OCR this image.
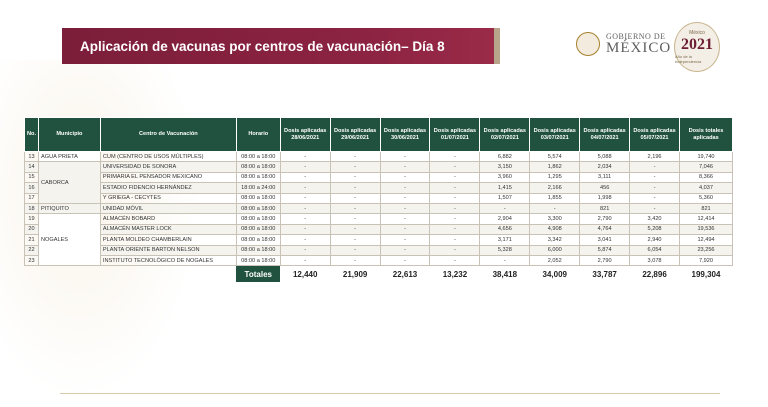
Aplicación de vacunas por centros de vacunación– Día 8
GOBIERNO DE
MÉXICO
México
2021
Año de la Independencia
No.	Municipio	Centro de Vacunación	Horario	Dosis aplicadas 28/06/2021	Dosis aplicadas 29/06/2021	Dosis aplicadas 30/06/2021	Dosis aplicadas 01/07/2021	Dosis aplicadas 02/07/2021	Dosis aplicadas 03/07/2021	Dosis aplicadas 04/07/2021	Dosis aplicadas 05/07/2021	Dosis totales aplicadas
13	AGUA PRIETA	CUM (CENTRO DE USOS MÚLTIPLES)	08:00 a 18:00	-	-	-	-	6,882	5,574	5,088	2,196	19,740
14	CABORCA	UNIVERSIDAD DE SONORA	08:00 a 18:00	-	-	-	-	3,150	1,862	2,034	-	7,046
15		PRIMARIA EL PENSADOR MEXICANO	08:00 a 18:00	-	-	-	-	3,960	1,295	3,111	-	8,366
16		ESTADIO FIDENCIO HERNÁNDEZ	18:00 a 24:00	-	-	-	-	1,415	2,166	456	-	4,037
17		Y GRIEGA - CECYTES	08:00 a 18:00	-	-	-	-	1,507	1,855	1,998	-	5,360
18	PITIQUITO	UNIDAD MÓVIL	08:00 a 18:00	-	-	-	-	-	-	821	-	821
19	NOGALES	ALMACÉN BOBARD	08:00 a 18:00	-	-	-	-	2,904	3,300	2,790	3,420	12,414
20		ALMACÉN MASTER LOCK	08:00 a 18:00	-	-	-	-	4,656	4,908	4,764	5,208	19,536
21		PLANTA MOLDEO CHAMBERLAIN	08:00 a 18:00	-	-	-	-	3,171	3,342	3,041	2,940	12,494
22		PLANTA ORIENTE BARTON NELSON	08:00 a 18:00	-	-	-	-	5,328	6,000	5,874	6,054	23,256
23		INSTITUTO TECNOLÓGICO DE NOGALES	08:00 a 18:00	-	-	-	-	-	2,052	2,790	3,078	7,920
			Totales	12,440	21,909	22,613	13,232	38,418	34,009	33,787	22,896	199,304
